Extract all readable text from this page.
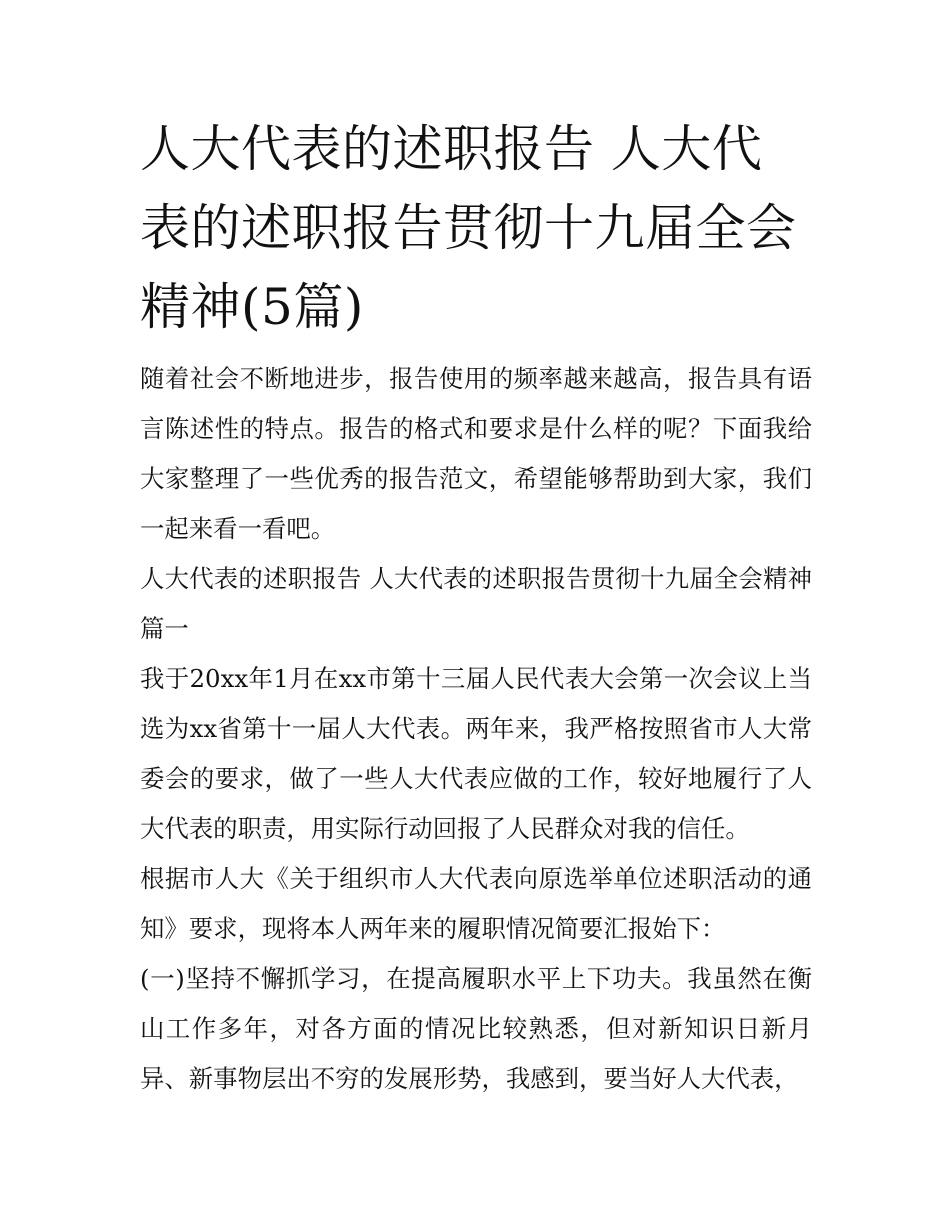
人大代表的述职报告 人大代表的述职报告贯彻十九届全会精神(5篇)

随着社会不断地进步，报告使用的频率越来越高，报告具有语言陈述性的特点。报告的格式和要求是什么样的呢？下面我给大家整理了一些优秀的报告范文，希望能够帮助到大家，我们一起来看一看吧。

人大代表的述职报告 人大代表的述职报告贯彻十九届全会精神篇一

我于20xx年1月在xx市第十三届人民代表大会第一次会议上当选为xx省第十一届人大代表。两年来，我严格按照省市人大常委会的要求，做了一些人大代表应做的工作，较好地履行了人大代表的职责，用实际行动回报了人民群众对我的信任。

根据市人大《关于组织市人大代表向原选举单位述职活动的通知》要求，现将本人两年来的履职情况简要汇报始下：

(一)坚持不懈抓学习，在提高履职水平上下功夫。我虽然在衡山工作多年，对各方面的情况比较熟悉，但对新知识日新月异、新事物层出不穷的发展形势，我感到，要当好人大代表，
